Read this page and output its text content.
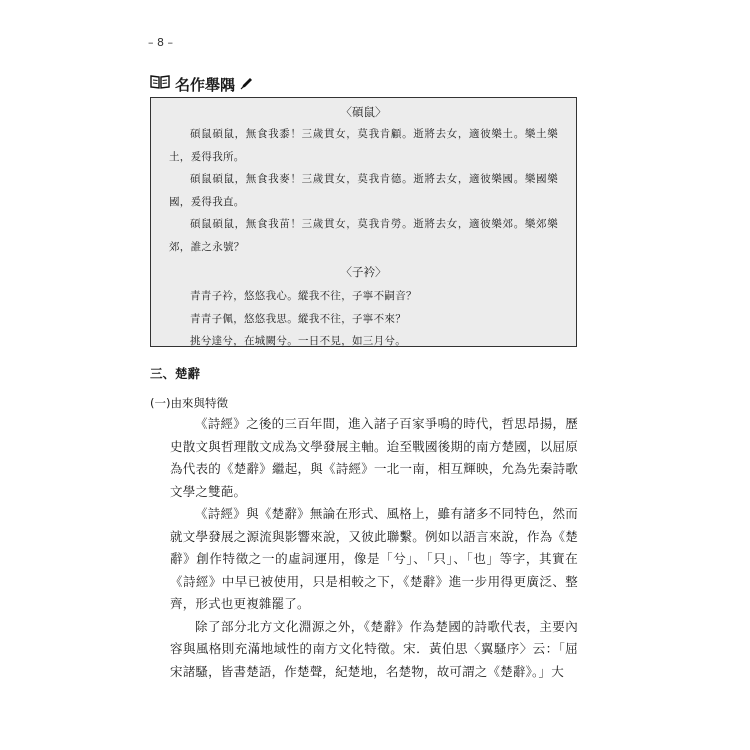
– 8 –
名作舉隅
〈碩鼠〉

碩鼠碩鼠，無食我黍！三歲貫女，莫我肯顧。逝將去女，適彼樂土。樂土樂土，爰得我所。

碩鼠碩鼠，無食我麥！三歲貫女，莫我肯德。逝將去女，適彼樂國。樂國樂國，爰得我直。

碩鼠碩鼠，無食我苗！三歲貫女，莫我肯勞。逝將去女，適彼樂郊。樂郊樂郊，誰之永號？

〈子衿〉

青青子衿，悠悠我心。縱我不往，子寧不嗣音？

青青子佩，悠悠我思。縱我不往，子寧不來？

挑兮達兮，在城闕兮。一日不見，如三月兮。

三、楚辭
(一)由來與特徵

《詩經》之後的三百年間，進入諸子百家爭鳴的時代，哲思昂揚，歷史散文與哲理散文成為文學發展主軸。迨至戰國後期的南方楚國，以屈原為代表的《楚辭》繼起，與《詩經》一北一南，相互輝映，允為先秦詩歌文學之雙葩。

《詩經》與《楚辭》無論在形式、風格上，雖有諸多不同特色，然而就文學發展之源流與影響來說，又彼此聯繫。例如以語言來說，作為《楚辭》創作特徵之一的虛詞運用，像是「兮」、「只」、「也」等字，其實在《詩經》中早已被使用，只是相較之下，《楚辭》進一步用得更廣泛、整齊，形式也更複雜罷了。

除了部分北方文化淵源之外，《楚辭》作為楚國的詩歌代表，主要內容與風格則充滿地域性的南方文化特徵。宋．黃伯思〈翼騷序〉云：「屈宋諸騷，皆書楚語，作楚聲，紀楚地，名楚物，故可謂之《楚辭》。」大
